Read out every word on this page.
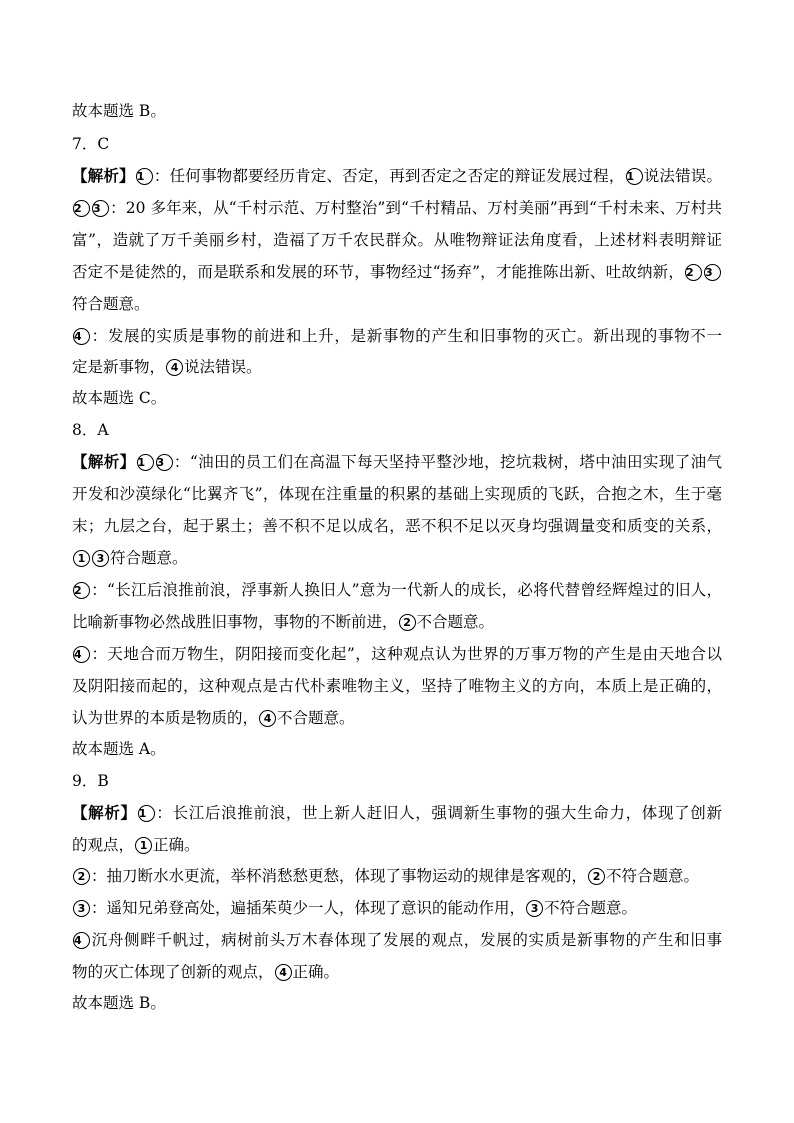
故本题选 B。
7．C
【解析】 1 ：任何事物都要经历肯定、否定，再到否定之否定的辩证发展过程， 1 说法错误。
2 3 ：20 多年来，从“千村示范、万村整治”到“千村精品、万村美丽”再到“千村未来、万村共
富”，造就了万千美丽乡村，造福了万千农民群众。从唯物辩证法角度看，上述材料表明辩证
否定不是徒然的，而是联系和发展的环节，事物经过“扬弃”，才能推陈出新、吐故纳新， 2 3
符合题意。
4 ：发展的实质是事物的前进和上升，是新事物的产生和旧事物的灭亡。新出现的事物不一
定是新事物， 4 说法错误。
故本题选 C。
8．A
【解析】 1 3 ：“油田的员工们在高温下每天坚持平整沙地，挖坑栽树，塔中油田实现了油气
开发和沙漠绿化“比翼齐飞”，体现在注重量的积累的基础上实现质的飞跃，合抱之木，生于毫
末；九层之台，起于累土；善不积不足以成名，恶不积不足以灭身均强调量变和质变的关系，
1 3 符合题意。
2 ：“长江后浪推前浪，浮事新人换旧人”意为一代新人的成长，必将代替曾经辉煌过的旧人，
比喻新事物必然战胜旧事物，事物的不断前进， 2 不合题意。
4 ：天地合而万物生，阴阳接而变化起”，这种观点认为世界的万事万物的产生是由天地合以
及阴阳接而起的，这种观点是古代朴素唯物主义，坚持了唯物主义的方向，本质上是正确的，
认为世界的本质是物质的， 4 不合题意。
故本题选 A。
9．B
【解析】 1 ：长江后浪推前浪，世上新人赶旧人，强调新生事物的强大生命力，体现了创新
的观点， 1 正确。
2 ：抽刀断水水更流，举杯消愁愁更愁，体现了事物运动的规律是客观的， 2 不符合题意。
3 ：遥知兄弟登高处，遍插茱萸少一人，体现了意识的能动作用， 3 不符合题意。
4 沉舟侧畔千帆过，病树前头万木春体现了发展的观点，发展的实质是新事物的产生和旧事
物的灭亡体现了创新的观点， 4 正确。
故本题选 B。
